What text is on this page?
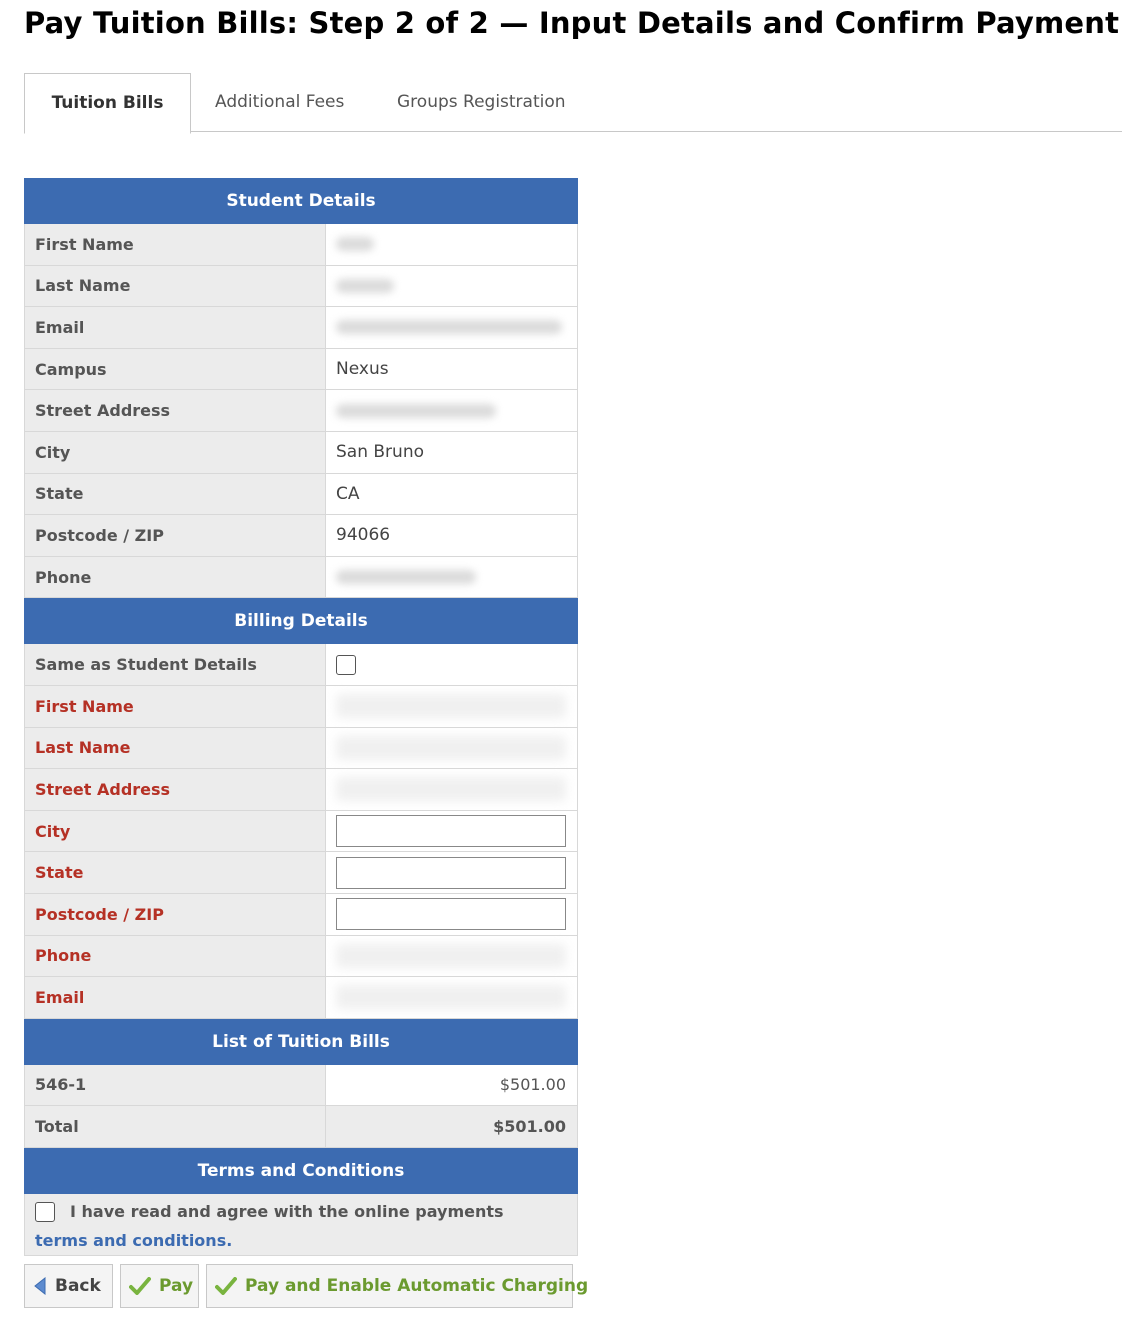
Pay Tuition Bills: Step 2 of 2 — Input Details and Confirm Payment
Tuition Bills	Additional Fees	Groups Registration
Student Details
First Name
Last Name
Email
Campus	Nexus
Street Address
City	San Bruno
State	CA
Postcode / ZIP	94066
Phone
Billing Details
Same as Student Details
First Name
Last Name
Street Address
City
State
Postcode / ZIP
Phone
Email
List of Tuition Bills
546-1	$501.00
Total	$501.00
Terms and Conditions
I have read and agree with the online payments
terms and conditions.
Back	Pay	Pay and Enable Automatic Charging
